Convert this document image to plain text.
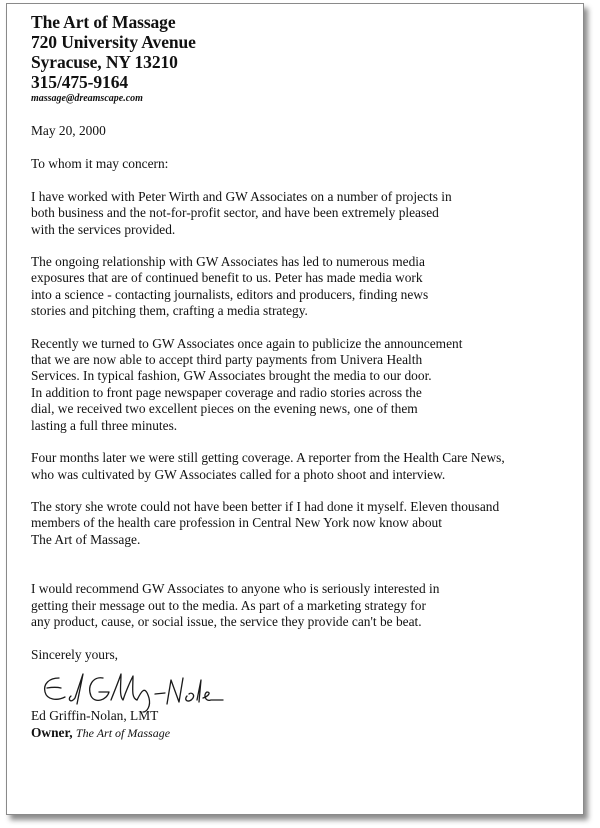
The Art of Massage

720 University Avenue

Syracuse, NY 13210

315/475-9164

massage@dreamscape.com

May 20, 2000

To whom it may concern:

I have worked with Peter Wirth and GW Associates on a number of projects in
both business and the not-for-profit sector, and have been extremely pleased
with the services provided.

The ongoing relationship with GW Associates has led to numerous media
exposures that are of continued benefit to us. Peter has made media work
into a science - contacting journalists, editors and producers, finding news
stories and pitching them, crafting a media strategy.

Recently we turned to GW Associates once again to publicize the announcement
that we are now able to accept third party payments from Univera Health
Services. In typical fashion, GW Associates brought the media to our door.
In addition to front page newspaper coverage and radio stories across the
dial, we received two excellent pieces on the evening news, one of them
lasting a full three minutes.

Four months later we were still getting coverage. A reporter from the Health Care News,
who was cultivated by GW Associates called for a photo shoot and interview.

The story she wrote could not have been better if I had done it myself. Eleven thousand
members of the health care profession in Central New York now know about
The Art of Massage.

I would recommend GW Associates to anyone who is seriously interested in
getting their message out to the media. As part of a marketing strategy for
any product, cause, or social issue, the service they provide can't be beat.

Sincerely yours,

Ed Griffin-Nolan, LMT

Owner, The Art of Massage
